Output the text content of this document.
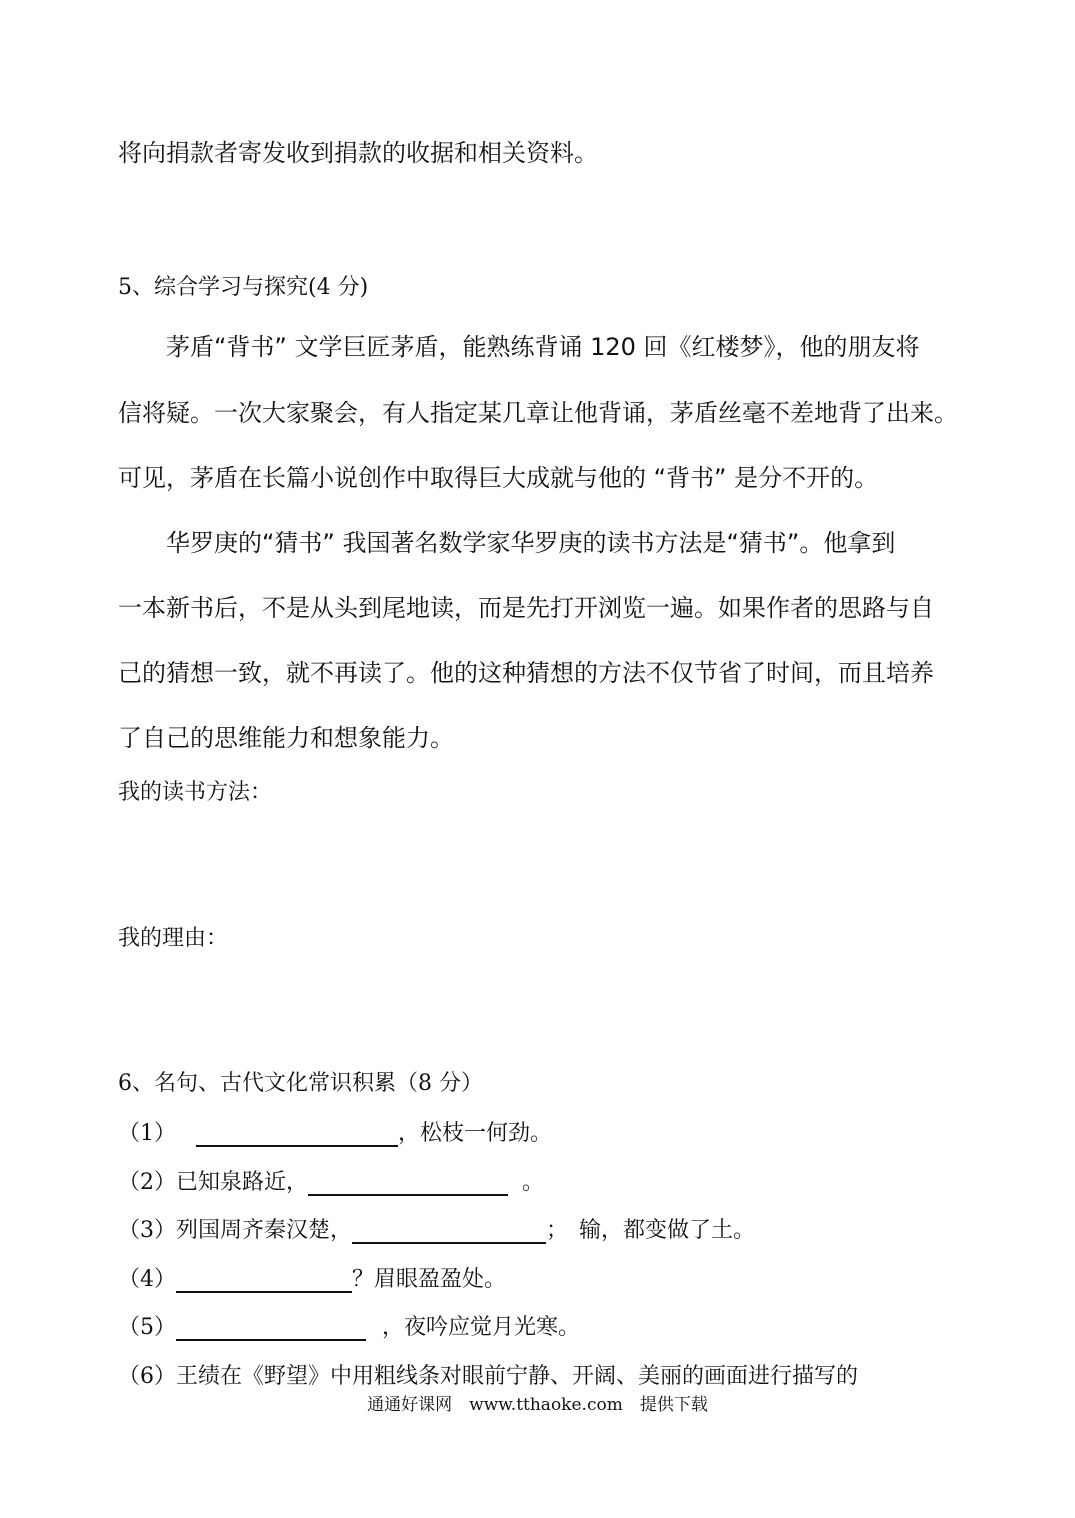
将向捐款者寄发收到捐款的收据和相关资料。
5、综合学习与探究(4 分)
茅盾“背书” 文学巨匠茅盾，能熟练背诵 120 回《红楼梦》，他的朋友将
信将疑。一次大家聚会，有人指定某几章让他背诵，茅盾丝毫不差地背了出来。
可见，茅盾在长篇小说创作中取得巨大成就与他的 “背书” 是分不开的。
华罗庚的“猜书” 我国著名数学家华罗庚的读书方法是“猜书”。他拿到
一本新书后，不是从头到尾地读，而是先打开浏览一遍。如果作者的思路与自
己的猜想一致，就不再读了。他的这种猜想的方法不仅节省了时间，而且培养
了自己的思维能力和想象能力。
我的读书方法：
我的理由：
6、名句、古代文化常识积累（8 分）
（1）	，松枝一何劲。
（2）已知泉路近，	。
（3）列国周齐秦汉楚，	；　输，都变做了土。
（4）	？眉眼盈盈处。
（5）	，夜吟应觉月光寒。
（6）王绩在《野望》中用粗线条对眼前宁静、开阔、美丽的画面进行描写的
通通好课网　www.tthaoke.com　提供下载
